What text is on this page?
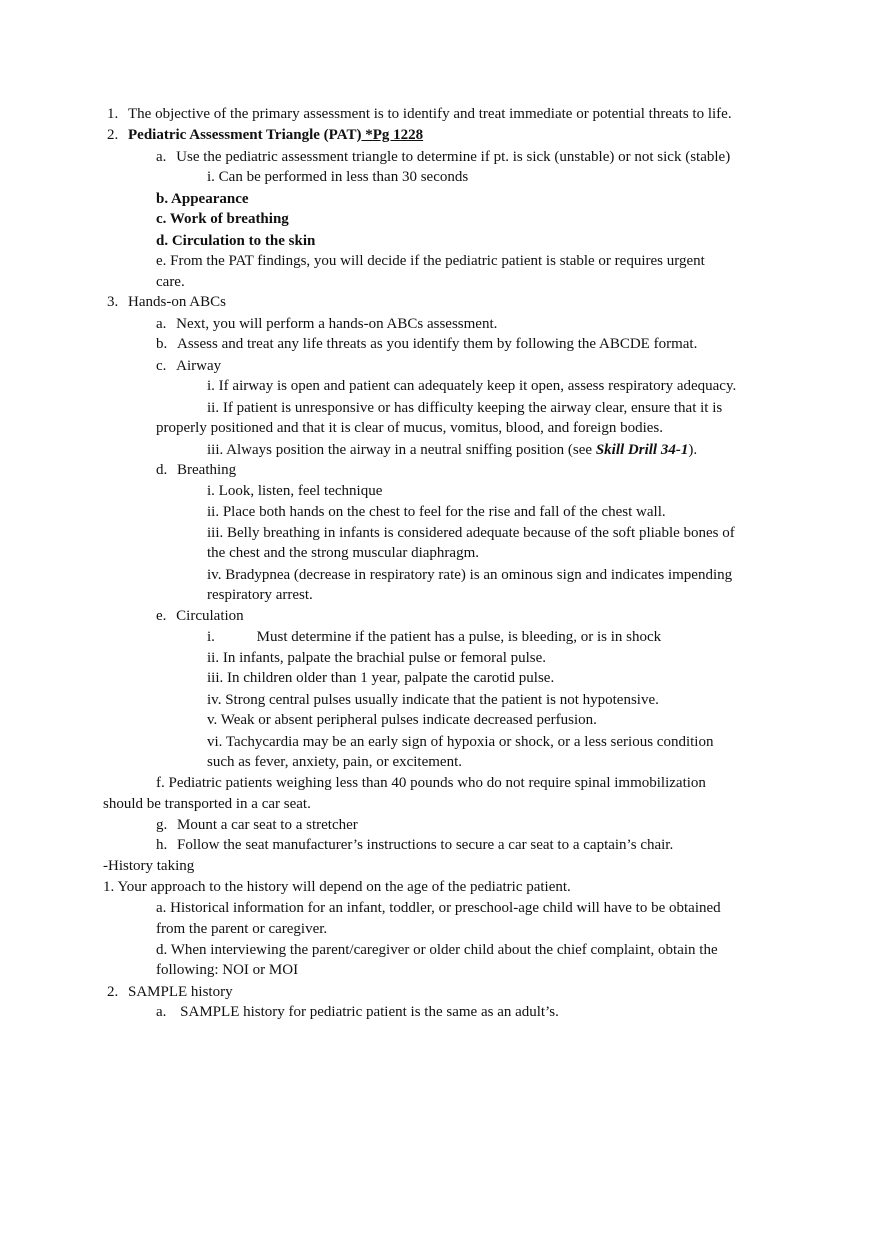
1. The objective of the primary assessment is to identify and treat immediate or potential threats to life.
2. Pediatric Assessment Triangle (PAT) *Pg 1228
a. Use the pediatric assessment triangle to determine if pt. is sick (unstable) or not sick (stable)
i. Can be performed in less than 30 seconds
b. Appearance
c. Work of breathing
d. Circulation to the skin
e. From the PAT findings, you will decide if the pediatric patient is stable or requires urgent
care.
3. Hands-on ABCs
a. Next, you will perform a hands-on ABCs assessment.
b. Assess and treat any life threats as you identify them by following the ABCDE format.
c. Airway
i. If airway is open and patient can adequately keep it open, assess respiratory adequacy.
ii. If patient is unresponsive or has difficulty keeping the airway clear, ensure that it is
properly positioned and that it is clear of mucus, vomitus, blood, and foreign bodies.
iii. Always position the airway in a neutral sniffing position (see Skill Drill 34-1).
d. Breathing
i. Look, listen, feel technique
ii. Place both hands on the chest to feel for the rise and fall of the chest wall.
iii. Belly breathing in infants is considered adequate because of the soft pliable bones of
the chest and the strong muscular diaphragm.
iv. Bradypnea (decrease in respiratory rate) is an ominous sign and indicates impending
respiratory arrest.
e. Circulation
i.	Must determine if the patient has a pulse, is bleeding, or is in shock
ii. In infants, palpate the brachial pulse or femoral pulse.
iii. In children older than 1 year, palpate the carotid pulse.
iv. Strong central pulses usually indicate that the patient is not hypotensive.
v. Weak or absent peripheral pulses indicate decreased perfusion.
vi. Tachycardia may be an early sign of hypoxia or shock, or a less serious condition
such as fever, anxiety, pain, or excitement.
f. Pediatric patients weighing less than 40 pounds who do not require spinal immobilization
should be transported in a car seat.
g. Mount a car seat to a stretcher
h. Follow the seat manufacturer’s instructions to secure a car seat to a captain’s chair.
-History taking
1. Your approach to the history will depend on the age of the pediatric patient.
a. Historical information for an infant, toddler, or preschool-age child will have to be obtained
from the parent or caregiver.
d. When interviewing the parent/caregiver or older child about the chief complaint, obtain the
following: NOI or MOI
2. SAMPLE history
a. SAMPLE history for pediatric patient is the same as an adult’s.
